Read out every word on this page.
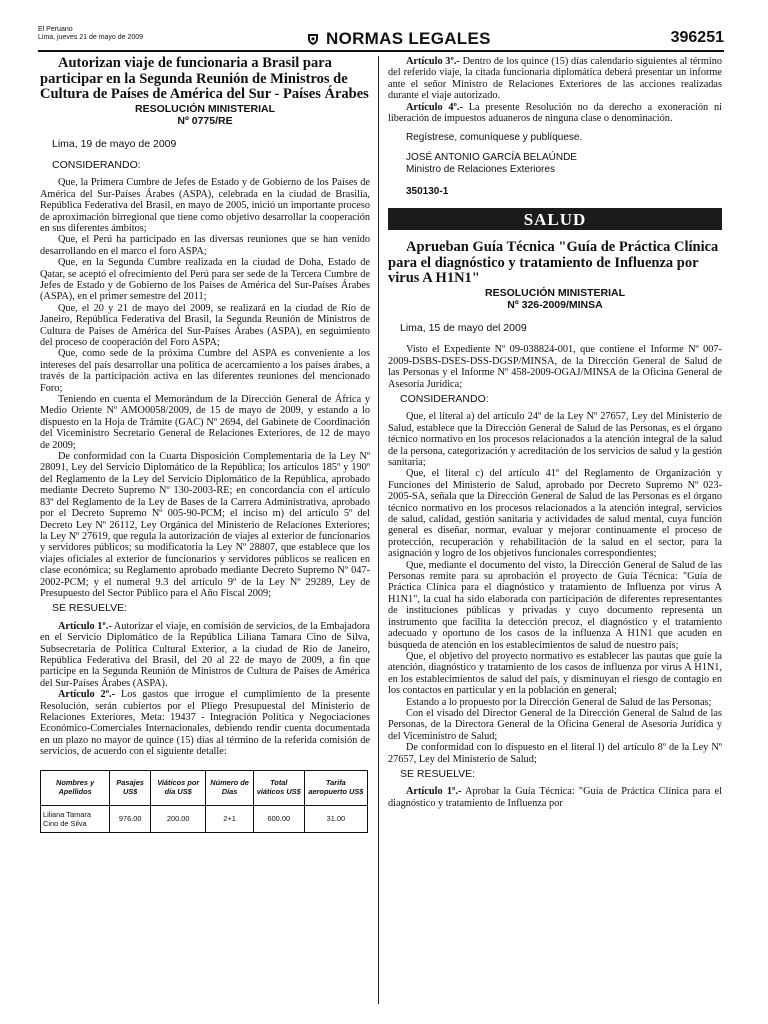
El Peruano
Lima, jueves 21 de mayo de 2009	NORMAS LEGALES	396251

Autorizan viaje de funcionaria a Brasil para participar en la Segunda Reunión de Ministros de Cultura de Países de América del Sur - Países Árabes

RESOLUCIÓN MINISTERIAL
Nº 0775/RE
Lima, 19 de mayo de 2009
CONSIDERANDO:

Que, la Primera Cumbre de Jefes de Estado y de Gobierno de los Países de América del Sur-Países Árabes (ASPA), celebrada en la ciudad de Brasilia, República Federativa del Brasil, en mayo de 2005, inició un importante proceso de aproximación birregional que tiene como objetivo desarrollar la cooperación en sus diferentes ámbitos;

Que, el Perú ha participado en las diversas reuniones que se han venido desarrollando en el marco el foro ASPA;

Que, en la Segunda Cumbre realizada en la ciudad de Doha, Estado de Qatar, se aceptó el ofrecimiento del Perú para ser sede de la Tercera Cumbre de Jefes de Estado y de Gobierno de los Países de América del Sur-Países Árabes (ASPA), en el primer semestre del 2011;

Que, el 20 y 21 de mayo del 2009, se realizará en la ciudad de Río de Janeiro, República Federativa del Brasil, la Segunda Reunión de Ministros de Cultura de Países de América del Sur-Países Árabes (ASPA), en seguimiento del proceso de cooperación del Foro ASPA;

Que, como sede de la próxima Cumbre del ASPA es conveniente a los intereses del país desarrollar una política de acercamiento a los países árabes, a través de la participación activa en las diferentes reuniones del mencionado Foro;

Teniendo en cuenta el Memorándum de la Dirección General de África y Medio Oriente Nº AMO0058/2009, de 15 de mayo de 2009, y estando a lo dispuesto en la Hoja de Trámite (GAC) Nº 2694, del Gabinete de Coordinación del Viceministro Secretario General de Relaciones Exteriores, de 12 de mayo de 2009;

De conformidad con la Cuarta Disposición Complementaria de la Ley Nº 28091, Ley del Servicio Diplomático de la República; los artículos 185º y 190º del Reglamento de la Ley del Servicio Diplomático de la República, aprobado mediante Decreto Supremo Nº 130-2003-RE; en concordancia con el artículo 83º del Reglamento de la Ley de Bases de la Carrera Administrativa, aprobado por el Decreto Supremo Nº 005-90-PCM; el inciso m) del artículo 5º del Decreto Ley Nº 26112, Ley Orgánica del Ministerio de Relaciones Exteriores; la Ley Nº 27619, que regula la autorización de viajes al exterior de funcionarios y servidores públicos; su modificatoria la Ley Nº 28807, que establece que los viajes oficiales al exterior de funcionarios y servidores públicos se realicen en clase económica; su Reglamento aprobado mediante Decreto Supremo Nº 047-2002-PCM; y el numeral 9.3 del artículo 9º de la Ley Nº 29289, Ley de Presupuesto del Sector Público para el Año Fiscal 2009;

SE RESUELVE:

Artículo 1º.- Autorizar el viaje, en comisión de servicios, de la Embajadora en el Servicio Diplomático de la República Liliana Tamara Cino de Silva, Subsecretaria de Política Cultural Exterior, a la ciudad de Río de Janeiro, República Federativa del Brasil, del 20 al 22 de mayo de 2009, a fin que participe en la Segunda Reunión de Ministros de Cultura de Países de América del Sur-Países Árabes (ASPA).

Artículo 2º.- Los gastos que irrogue el cumplimiento de la presente Resolución, serán cubiertos por el Pliego Presupuestal del Ministerio de Relaciones Exteriores, Meta: 19437 - Integración Política y Negociaciones Económico-Comerciales Internacionales, debiendo rendir cuenta documentada en un plazo no mayor de quince (15) días al término de la referida comisión de servicios, de acuerdo con el siguiente detalle:

Nombres y Apellidos	Pasajes US$	Viáticos por día US$	Número de Días	Total viáticos US$	Tarifa aeropuerto US$
Liliana Tamara Cino de Silva	976.00	200.00	2+1	600.00	31.00

Artículo 3º.- Dentro de los quince (15) días calendario siguientes al término del referido viaje, la citada funcionaria diplomática deberá presentar un informe ante el señor Ministro de Relaciones Exteriores de las acciones realizadas durante el viaje autorizado.

Artículo 4º.- La presente Resolución no da derecho a exoneración ni liberación de impuestos aduaneros de ninguna clase o denominación.

Regístrese, comuníquese y publíquese.
JOSÉ ANTONIO GARCÍA BELAÚNDE
Ministro de Relaciones Exteriores
350130-1
SALUD

Aprueban Guía Técnica "Guía de Práctica Clínica para el diagnóstico y tratamiento de Influenza por virus A H1N1"

RESOLUCIÓN MINISTERIAL
Nº 326-2009/MINSA
Lima, 15 de mayo del 2009

Visto el Expediente Nº 09-038824-001, que contiene el Informe Nº 007-2009-DSBS-DSES-DSS-DGSP/MINSA, de la Dirección General de Salud de las Personas y el Informe Nº 458-2009-OGAJ/MINSA de la Oficina General de Asesoría Jurídica;

CONSIDERANDO:

Que, el literal a) del artículo 24º de la Ley Nº 27657, Ley del Ministerio de Salud, establece que la Dirección General de Salud de las Personas, es el órgano técnico normativo en los procesos relacionados a la atención integral de la salud de la persona, categorización y acreditación de los servicios de salud y la gestión sanitaria;

Que, el literal c) del artículo 41º del Reglamento de Organización y Funciones del Ministerio de Salud, aprobado por Decreto Supremo Nº 023-2005-SA, señala que la Dirección General de Salud de las Personas es el órgano técnico normativo en los procesos relacionados a la atención integral, servicios de salud, calidad, gestión sanitaria y actividades de salud mental, cuya función general es diseñar, normar, evaluar y mejorar continuamente el proceso de protección, recuperación y rehabilitación de la salud en el sector, para la asignación y logro de los objetivos funcionales correspondientes;

Que, mediante el documento del visto, la Dirección General de Salud de las Personas remite para su aprobación el proyecto de Guía Técnica: "Guía de Práctica Clínica para el diagnóstico y tratamiento de Influenza por virus A H1N1", la cual ha sido elaborada con participación de diferentes representantes de instituciones públicas y privadas y cuyo documento representa un instrumento que facilita la detección precoz, el diagnóstico y el tratamiento adecuado y oportuno de los casos de la influenza A H1N1 que acuden en búsqueda de atención en los establecimientos de salud de nuestro país;

Que, el objetivo del proyecto normativo es establecer las pautas que guíe la atención, diagnóstico y tratamiento de los casos de influenza por virus A H1N1, en los establecimientos de salud del país, y disminuyan el riesgo de contagio en los contactos en particular y en la población en general;

Estando a lo propuesto por la Dirección General de Salud de las Personas;

Con el visado del Director General de la Dirección General de Salud de las Personas, de la Directora General de la Oficina General de Asesoría Jurídica y del Viceministro de Salud;

De conformidad con lo dispuesto en el literal l) del artículo 8º de la Ley Nº 27657, Ley del Ministerio de Salud;

SE RESUELVE:

Artículo 1º.- Aprobar la Guía Técnica: "Guía de Práctica Clínica para el diagnóstico y tratamiento de Influenza por
